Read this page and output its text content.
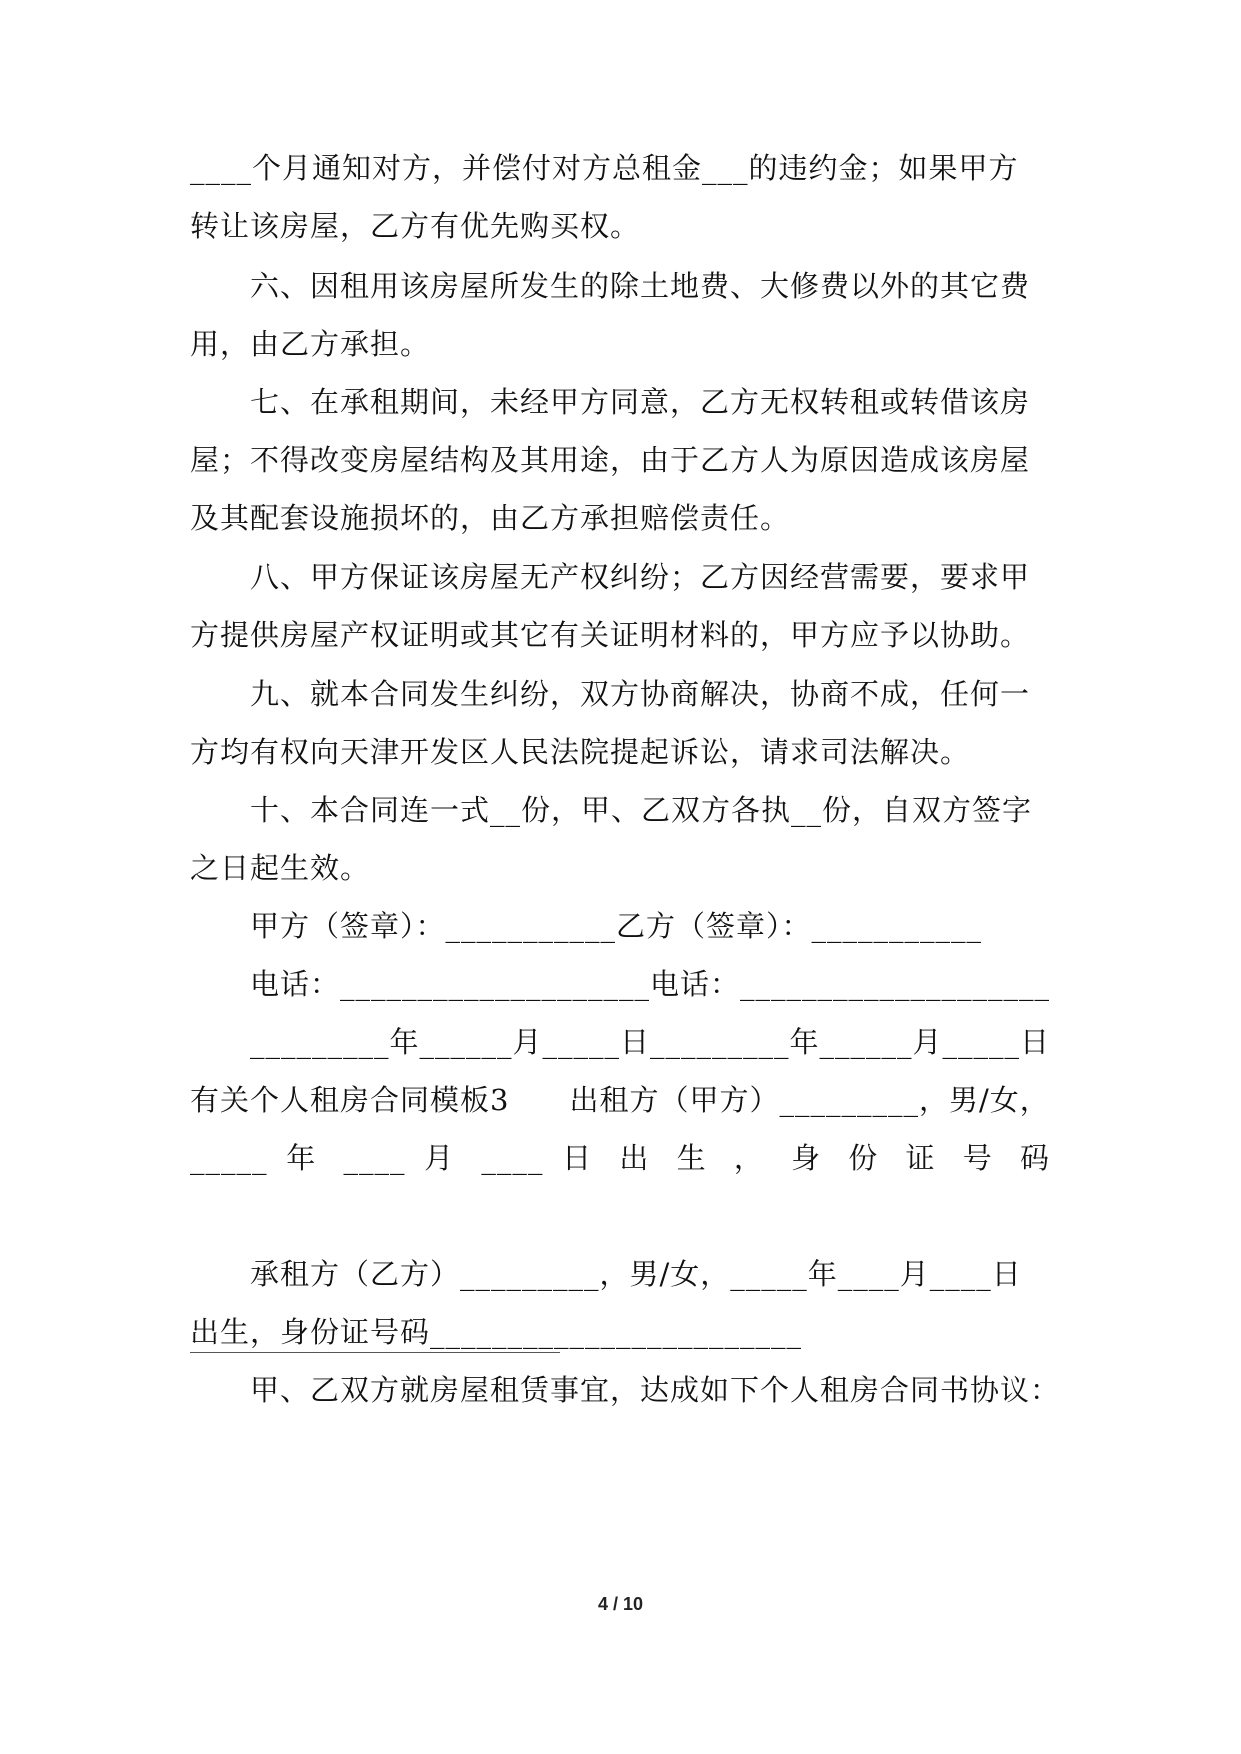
____个月通知对方，并偿付对方总租金___的违约金；如果甲方
转让该房屋，乙方有优先购买权。
六、因租用该房屋所发生的除土地费、大修费以外的其它费
用，由乙方承担。
七、在承租期间，未经甲方同意，乙方无权转租或转借该房
屋；不得改变房屋结构及其用途，由于乙方人为原因造成该房屋
及其配套设施损坏的，由乙方承担赔偿责任。
八、甲方保证该房屋无产权纠纷；乙方因经营需要，要求甲
方提供房屋产权证明或其它有关证明材料的，甲方应予以协助。
九、就本合同发生纠纷，双方协商解决，协商不成，任何一
方均有权向天津开发区人民法院提起诉讼，请求司法解决。
十、本合同连一式__份，甲、乙双方各执__份，自双方签字
之日起生效。
甲方（签章）：___________乙方（签章）：___________
电话：____________________电话：____________________
_________年______月_____日_________年______月_____日
有关个人租房合同模板3　　出租方（甲方）_________，男/女，
_____ 年 ____ 月 ____ 日 出 生 ， 身 份 证 号 码
承租方（乙方）_________，男/女，_____年____月____日
出生，身份证号码________________________
甲、乙双方就房屋租赁事宜，达成如下个人租房合同书协议：
4 / 10
